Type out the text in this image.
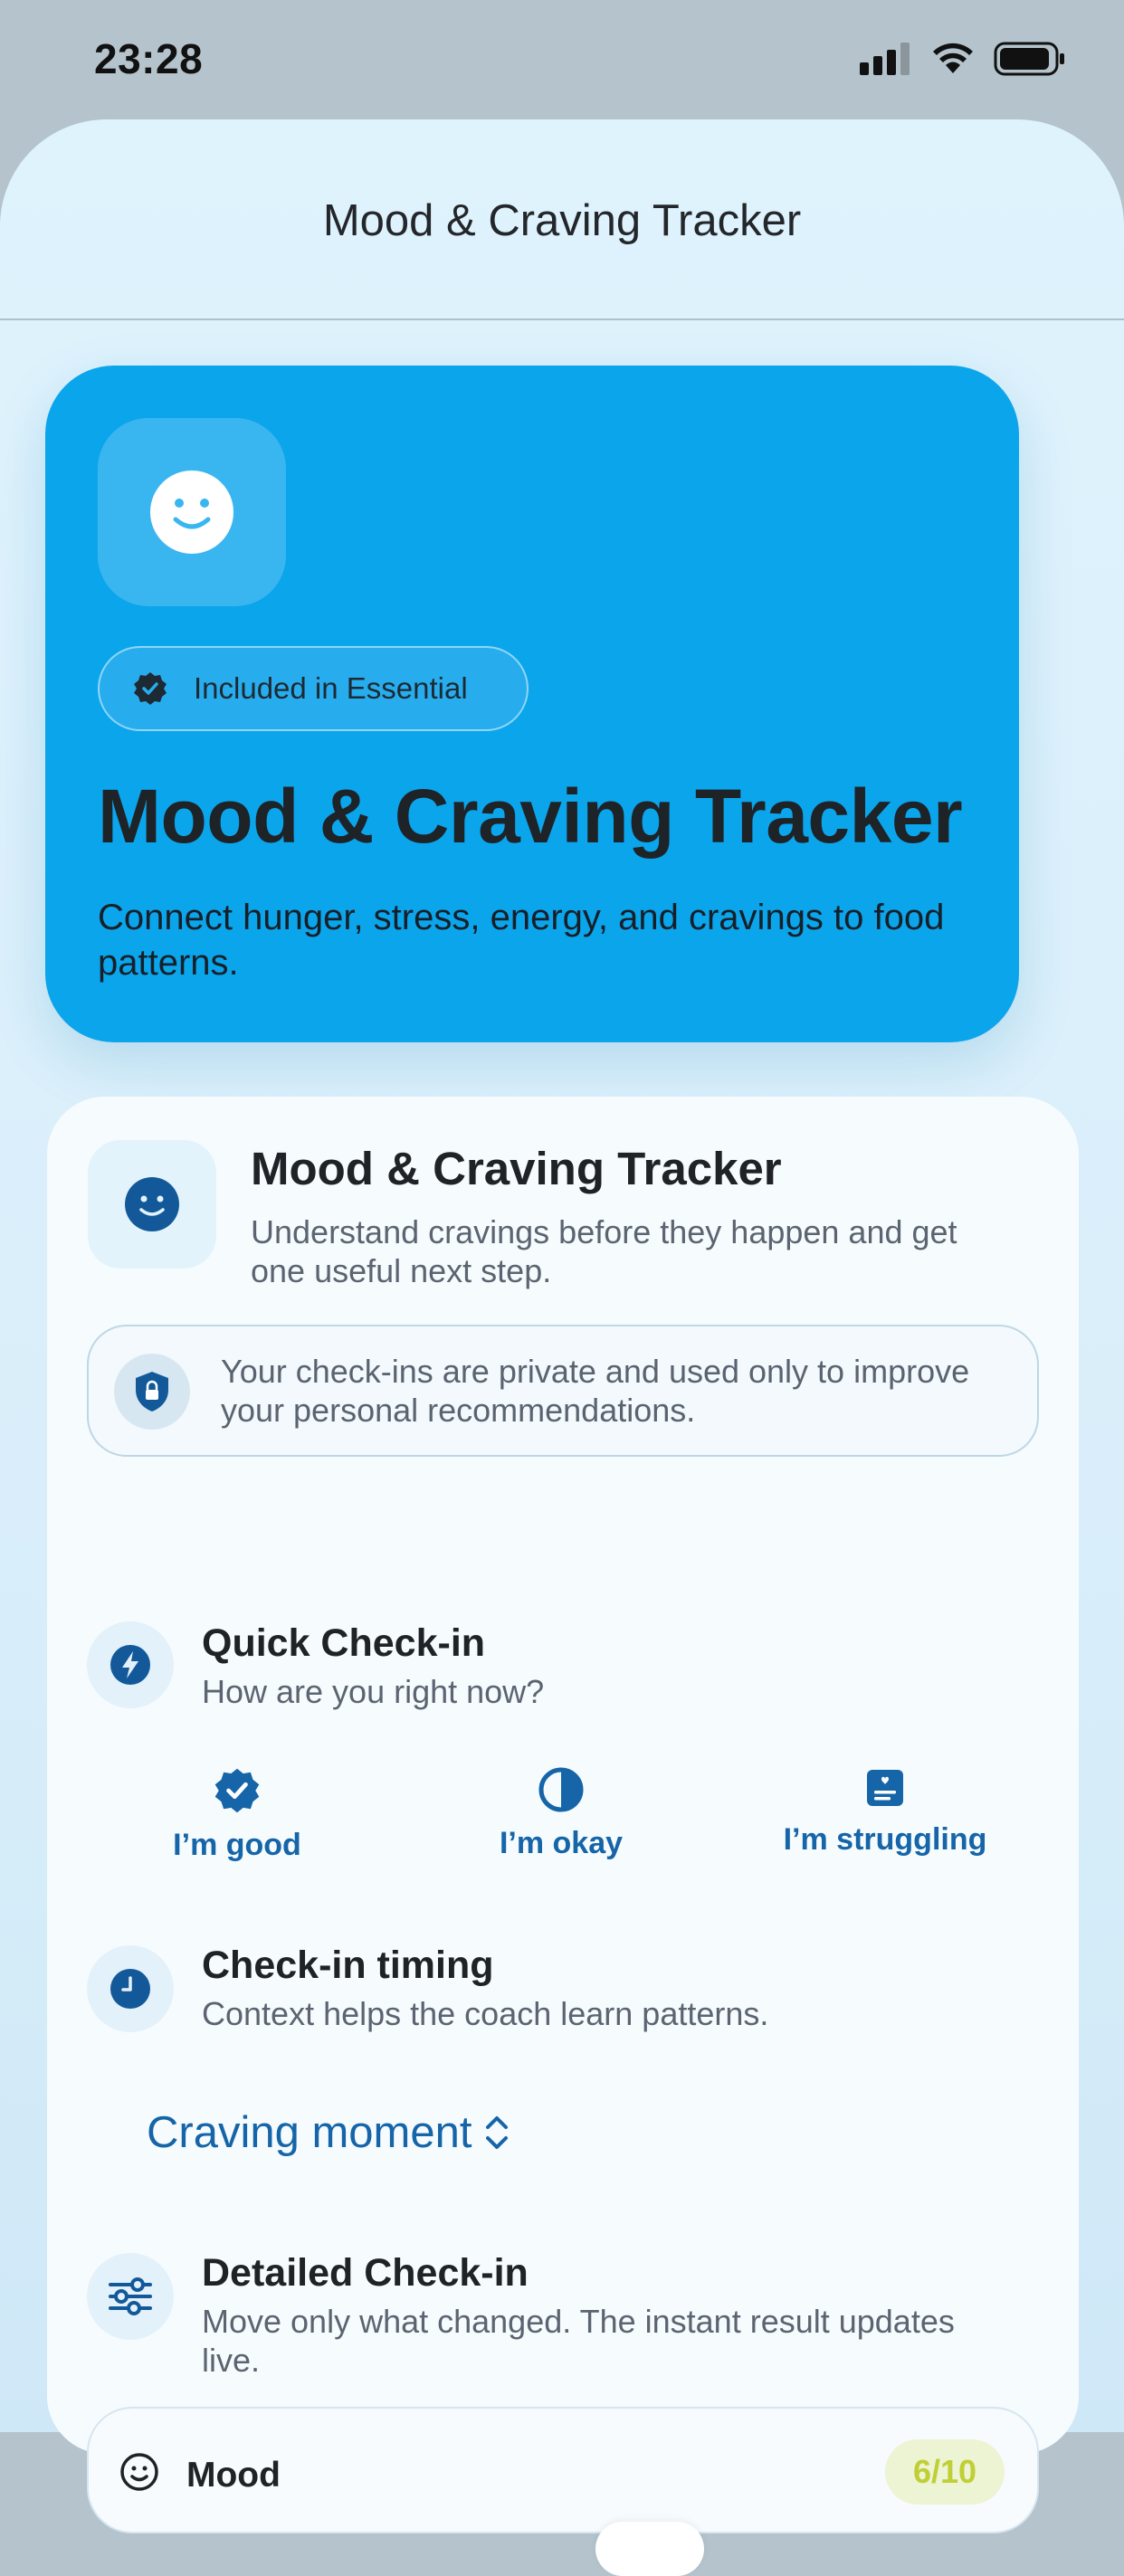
23:28
Mood & Craving Tracker
Included in Essential
Mood & Craving Tracker
Connect hunger, stress, energy, and cravings to food patterns.
Mood & Craving Tracker
Understand cravings before they happen and get one useful next step.
Your check-ins are private and used only to improve your personal recommendations.
Quick Check-in
How are you right now?
I’m good	I’m okay	I’m struggling
Check-in timing
Context helps the coach learn patterns.
Craving moment
Detailed Check-in
Move only what changed. The instant result updates live.
Mood	6/10
